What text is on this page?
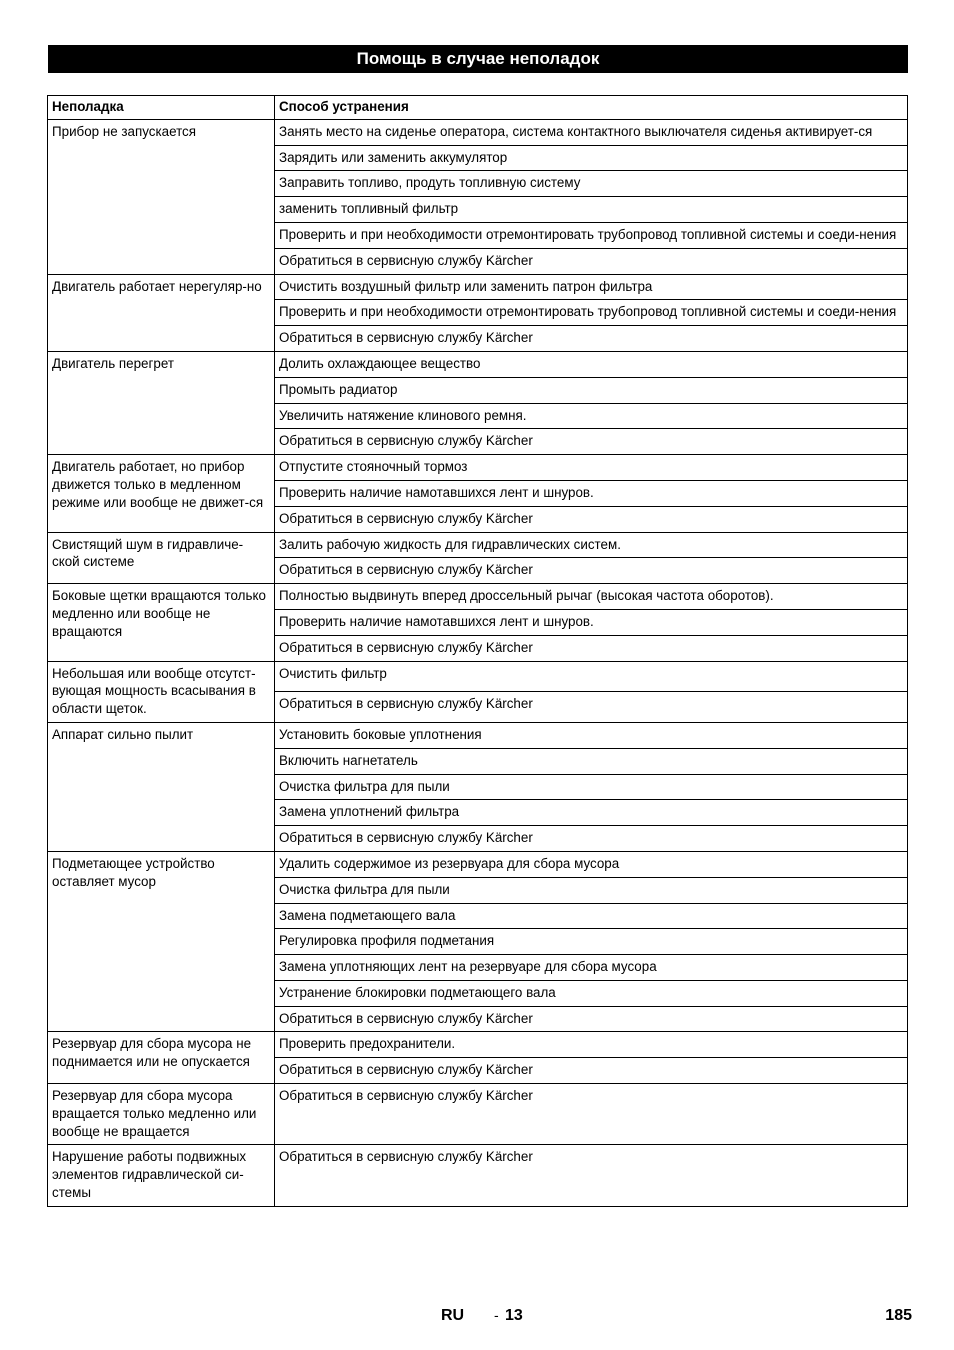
Помощь в случае неполадок
Неполадка	Способ устранения
Прибор не запускается	Занять место на сиденье оператора, система контактного выключателя сиденья активирует-ся
	Зарядить или заменить аккумулятор
	Заправить топливо, продуть топливную систему
	заменить топливный фильтр
	Проверить и при необходимости отремонтировать трубопровод топливной системы и соеди-нения
	Обратиться в сервисную службу Kärcher
Двигатель работает нерегуляр-но	Очистить воздушный фильтр или заменить патрон фильтра
	Проверить и при необходимости отремонтировать трубопровод топливной системы и соеди-нения
	Обратиться в сервисную службу Kärcher
Двигатель перегрет	Долить охлаждающее вещество
	Промыть радиатор
	Увеличить натяжение клинового ремня.
	Обратиться в сервисную службу Kärcher
Двигатель работает, но прибор движется только в медленном режиме или вообще не движет-ся	Отпустите стояночный тормоз
	Проверить наличие намотавшихся лент и шнуров.
	Обратиться в сервисную службу Kärcher
Свистящий шум в гидравличе-ской системе	Залить рабочую жидкость для гидравлических систем.
	Обратиться в сервисную службу Kärcher
Боковые щетки вращаются только медленно или вообще не вращаются	Полностью выдвинуть вперед дроссельный рычаг (высокая частота оборотов).
	Проверить наличие намотавшихся лент и шнуров.
	Обратиться в сервисную службу Kärcher
Небольшая или вообще отсутст-вующая мощность всасывания в области щеток.	Очистить фильтр
	Обратиться в сервисную службу Kärcher
Аппарат сильно пылит	Установить боковые уплотнения
	Включить нагнетатель
	Очистка фильтра для пыли
	Замена уплотнений фильтра
	Обратиться в сервисную службу Kärcher
Подметающее устройство оставляет мусор	Удалить содержимое из резервуара для сбора мусора
	Очистка фильтра для пыли
	Замена подметающего вала
	Регулировка профиля подметания
	Замена уплотняющих лент на резервуаре для сбора мусора
	Устранение блокировки подметающего вала
	Обратиться в сервисную службу Kärcher
Резервуар для сбора мусора не поднимается или не опускается	Проверить предохранители.
	Обратиться в сервисную службу Kärcher
Резервуар для сбора мусора вращается только медленно или вообще не вращается	Обратиться в сервисную службу Kärcher
Нарушение работы подвижных элементов гидравлической си-стемы	Обратиться в сервисную службу Kärcher
RU - 13	185
